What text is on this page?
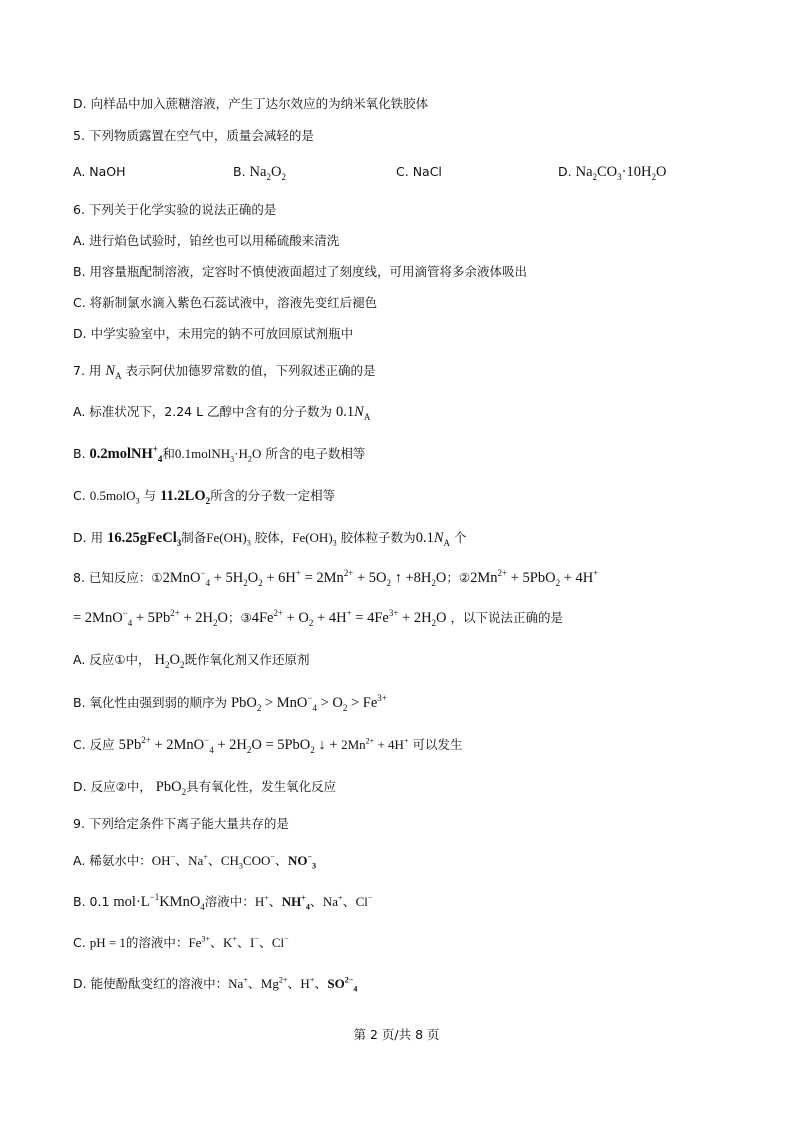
D. 向样品中加入蔗糖溶液，产生丁达尔效应的为纳米氧化铁胶体
5. 下列物质露置在空气中，质量会减轻的是
A. NaOH	B. $Na_2O_2$	C. NaCl	D. $Na_2CO_3\cdot 10H_2O$
6. 下列关于化学实验的说法正确的是
A. 进行焰色试验时，铂丝也可以用稀硫酸来清洗
B. 用容量瓶配制溶液，定容时不慎使液面超过了刻度线，可用滴管将多余液体吸出
C. 将新制氯水滴入紫色石蕊试液中，溶液先变红后褪色
D. 中学实验室中，未用完的钠不可放回原试剂瓶中
7. 用 $N_A$ 表示阿伏加德罗常数的值，下列叙述正确的是
A. 标准状况下，2.24 L 乙醇中含有的分子数为 $0.1N_A$
B. 0.2molNH+$_4$和$0.1molNH_3\cdot H_2O$ 所含的电子数相等
C. 0.5molO$_3$ 与 $11.2LO_2$所含的分子数一定相等
D. 用 16.25gFeCl$_3$制备$Fe(OH)_3$ 胶体，$Fe(OH)_3$ 胶体粒子数为$0.1N_A$ 个
8. 已知反应：①2MnO−$_4$ + $5H_2O_2 + 6H^+ = 2Mn^{2+} + 5O_2$ ↑ $+8H_2O$；$②2Mn^{2+} + 5PbO_2 + 4H^+$
= $2MnO^-_4 + 5Pb^{2+} + 2H_2O$；$③4Fe^{2+} + O_2 + 4H^+ = 4Fe^{3+} + 2H_2O$ ，以下说法正确的是
A. 反应①中， $H_2O_2$既作氧化剂又作还原剂
B. 氧化性由强到弱的顺序为 $PbO_2 > MnO^-_4 > O_2 > Fe^{3+}$
C. 反应 $5Pb^{2+} + 2MnO^-_4 + 2H_2O = 5PbO_2$ ↓ + $2Mn^{2+} + 4H^+$ 可以发生
D. 反应②中， PbO$_2$具有氧化性，发生氧化反应
9. 下列给定条件下离子能大量共存的是
A. 稀氨水中：OH−、Na+、$CH_3COO^-$、$NO^-_3$
B. 0.1 $mol\cdot L^{-1}KMnO_4$溶液中：H+、$NH^+_4$、Na+、Cl−
C. pH = 1的溶液中：$Fe^{3+}$、K+、I−、Cl−
D. 能使酚酞变红的溶液中：Na+、$Mg^{2+}$、H+、$SO^{2-}_4$
第 2 页/共 8 页
